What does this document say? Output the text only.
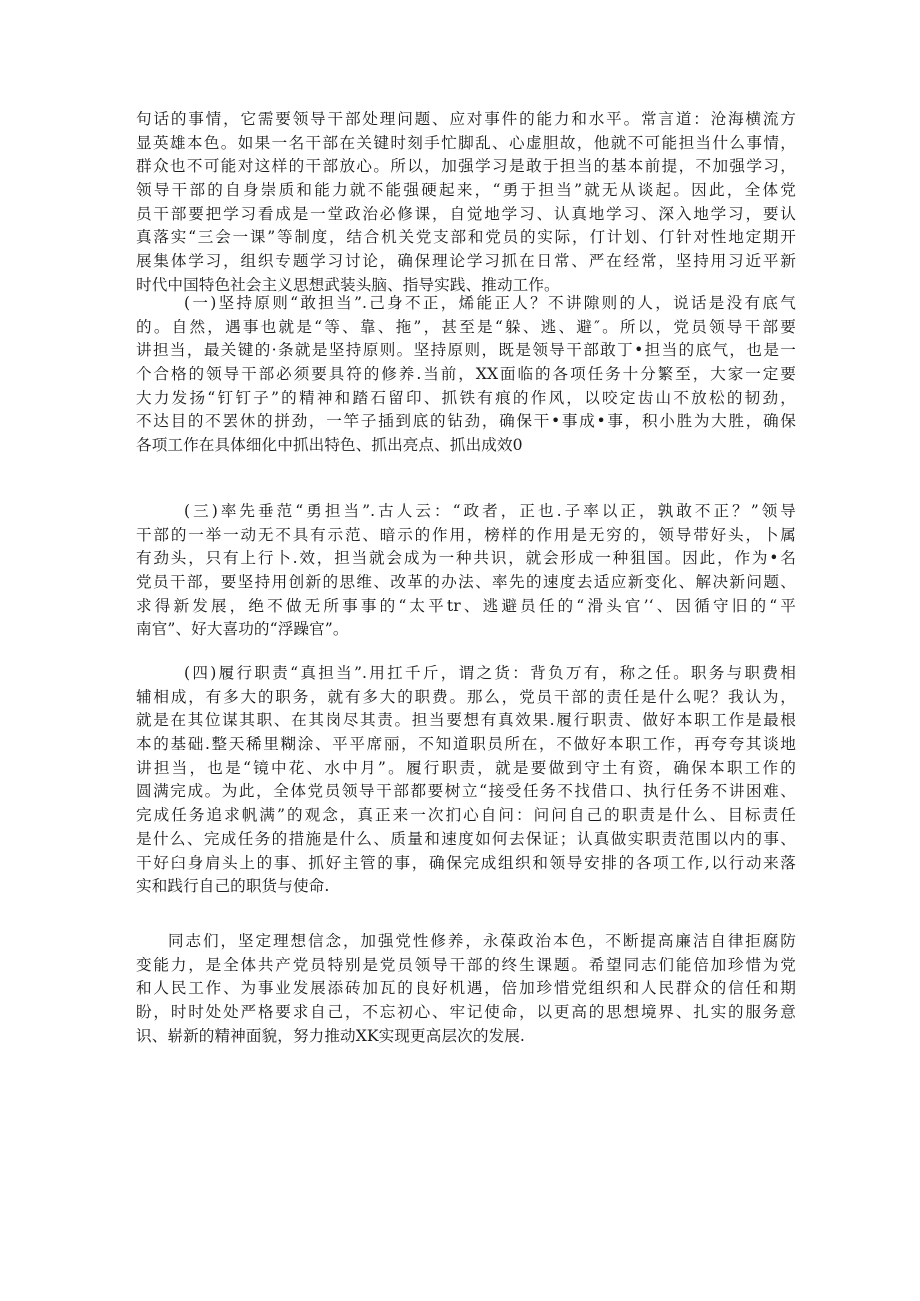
句话的事情，它需要领导干部处理问题、应对事件的能力和水平。常言道：沧海横流方
显英雄本色。如果一名干部在关键时刻手忙脚乱、心虚胆故，他就不可能担当什么事情，
群众也不可能对这样的干部放心。所以，加强学习是敢于担当的基本前提，不加强学习，
领导干部的自身崇质和能力就不能强硬起来，“勇于担当”就无从谈起。因此，全体党
员干部要把学习看成是一堂政治必修课，自觉地学习、认真地学习、深入地学习，要认
真落实“三会一课”等制度，结合机关党支部和党员的实际，仃计划、仃针对性地定期开
展集体学习，组织专题学习讨论，确保理论学习抓在日常、严在经常，坚持用习近平新
时代中国特色社会主义思想武装头脑、指导实践、推动工作。
(一)坚持原则“敢担当”.己身不正，烯能正人？不讲隙则的人，说话是没有底气
的。自然，遇事也就是“等、靠、拖”，甚至是“躲、逃、避″。所以，党员领导干部要
讲担当，最关键的·条就是坚持原则。坚持原则，既是领导干部敢丁•担当的底气，也是一
个合格的领导干部必须要具符的修养.当前，XX面临的各项任务十分繁至，大家一定要
大力发扬“钉钉子”的精神和踏石留印、抓铁有痕的作风，以咬定齿山不放松的韧劲，
不达目的不罢休的拼劲，一竿子插到底的钻劲，确保干•事成•事，积小胜为大胜，确保
各项工作在具体细化中抓出特色、抓出亮点、抓出成效0
(三)率先垂范“勇担当”.古人云：“政者，正也.子率以正，孰敢不正？”领导
干部的一举一动无不具有示范、暗示的作用，榜样的作用是无穷的，领导带好头，卜属
有劲头，只有上行卜.效，担当就会成为一种共识，就会形成一种狙国。因此，作为•名
党员干部，要坚持用创新的思维、改革的办法、率先的速度去适应新变化、解决新问题、
求得新发展，绝不做无所事事的“太平tr、逃避员任的“滑头官’‘、因循守旧的“平
南官”、好大喜功的“浮躁官”。
(四)履行职责“真担当”.用扛千斤，谓之货：背负万有，称之任。职务与职费相
辅相成，有多大的职务，就有多大的职费。那么，党员干部的责任是什么呢？我认为，
就是在其位谋其职、在其岗尽其责。担当要想有真效果.履行职责、做好本职工作是最根
本的基础.整天稀里糊涂、平平席丽，不知道职员所在，不做好本职工作，再夸夸其谈地
讲担当，也是“镜中花、水中月”。履行职责，就是要做到守土有资，确保本职工作的
圆满完成。为此，全体党员领导干部都要树立“接受任务不找借口、执行任务不讲困难、
完成任务追求帆满”的观念，真正来一次扪心自问：问问自己的职责是什么、目标责任
是什么、完成任务的措施是什么、质量和速度如何去保证；认真做实职责范围以内的事、
干好臼身肩头上的事、抓好主管的事，确保完成组织和领导安排的各项工作,以行动来落
实和践行自己的职货与使命.
同志们，坚定理想信念，加强党性修养，永葆政治本色，不断提高廉洁自律拒腐防
变能力，是全体共产党员特别是党员领导干部的终生课题。希望同志们能倍加珍惜为党
和人民工作、为事业发展添砖加瓦的良好机遇，倍加珍惜党组织和人民群众的信任和期
盼，时时处处严格要求自己，不忘初心、牢记使命，以更高的思想境界、扎实的服务意
识、崭新的精神面貌，努力推动XK实现更高层次的发展.
